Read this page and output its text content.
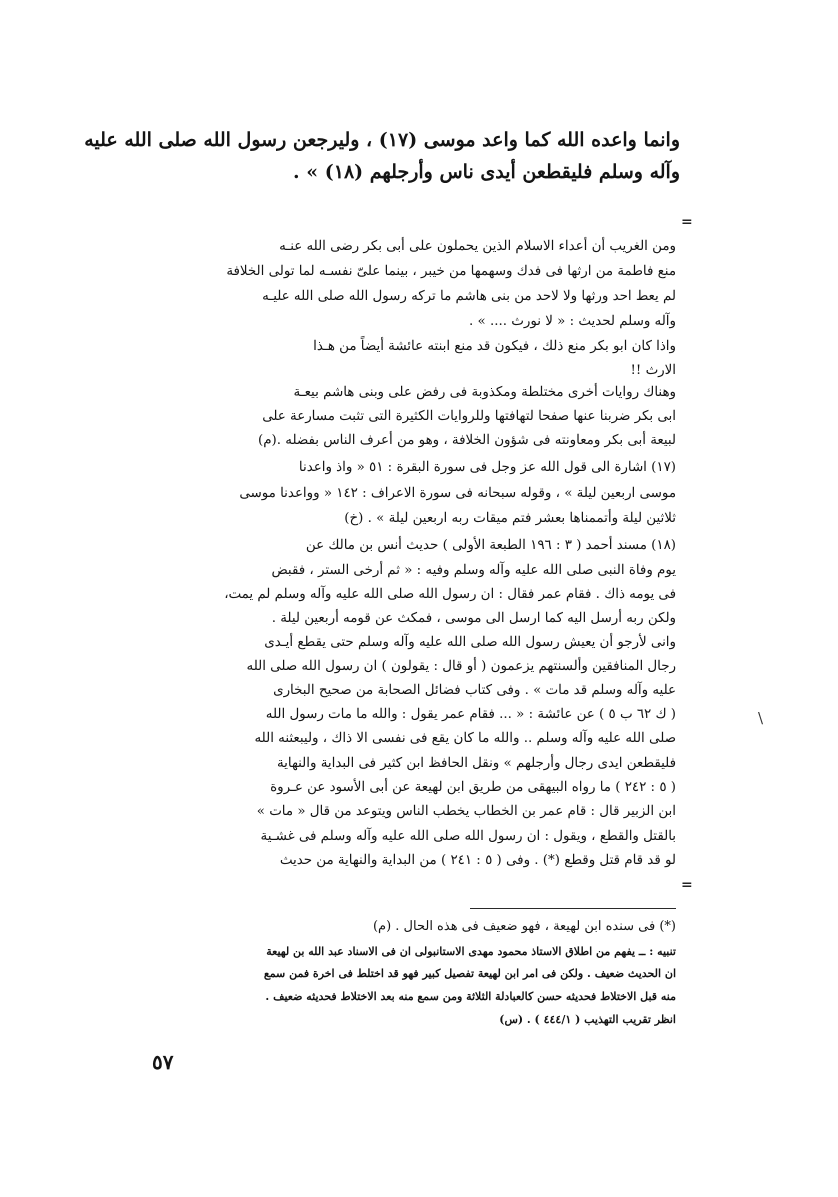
وانما واعده الله كما واعد موسى (١٧) ، وليرجعن رسول الله صلى الله عليه
وآله وسلم فليقطعن أيدى ناس وأرجلهم (١٨) » .
=
ومن الغريب أن أعداء الاسلام الذين يحملون على أبى بكر رضى الله عنـه
منع فاطمة من ارثها فى فدك وسهمها من خيبر ، بينما علىّ نفسـه لما تولى الخلافة
لم يعط احد ورثها ولا لاحد من بنى هاشم ما تركه رسول الله صلى الله عليـه
وآله وسلم لحديث : « لا نورث .... » .
واذا كان ابو بكر منع ذلك ، فيكون قد منع ابنته عائشة أيضاً من هـذا
الارث !!
وهناك روايات أخرى مختلطة ومكذوبة فى رفض على وبنى هاشم بيعـة
ابى بكر ضربنا عنها صفحا لتهافتها وللروايات الكثيرة التى تثبت مسارعة على
لبيعة أبى بكر ومعاونته فى شؤون الخلافة ، وهو من أعرف الناس بفضله .(م)
(١٧) اشارة الى قول الله عز وجل فى سورة البقرة : ٥١ « واذ واعدنا
موسى اربعين ليلة » ، وقوله سبحانه فى سورة الاعراف : ١٤٢ « وواعدنا موسى
ثلاثين ليلة وأتممناها بعشر فتم ميقات ربه اربعين ليلة » . (خ)
(١٨) مسند أحمد ( ٣ : ١٩٦ الطبعة الأولى ) حديث أنس بن مالك عن
يوم وفاة النبى صلى الله عليه وآله وسلم وفيه : « ثم أرخى الستر ، فقبض
فى يومه ذاك . فقام عمر فقال : ان رسول الله صلى الله عليه وآله وسلم لم يمت،
ولكن ربه أرسل اليه كما ارسل الى موسى ، فمكث عن قومه أربعين ليلة .
وانى لأرجو أن يعيش رسول الله صلى الله عليه وآله وسلم حتى يقطع أيـدى
رجال المنافقين وألسنتهم يزعمون ( أو قال : يقولون ) ان رسول الله صلى الله
عليه وآله وسلم قد مات » . وفى كتاب فضائل الصحابة من صحيح البخارى
( ك ٦٢ ب ٥ ) عن عائشة : « ... فقام عمر يقول : والله ما مات رسول الله
صلى الله عليه وآله وسلم .. والله ما كان يقع فى نفسى الا ذاك ، وليبعثنه الله
فليقطعن ايدى رجال وأرجلهم » ونقل الحافظ ابن كثير فى البداية والنهاية
( ٥ : ٢٤٢ ) ما رواه البيهقى من طريق ابن لهيعة عن أبى الأسود عن عـروة
ابن الزبير قال : قام عمر بن الخطاب يخطب الناس ويتوعد من قال « مات »
بالقتل والقطع ، ويقول : ان رسول الله صلى الله عليه وآله وسلم فى غشـية
لو قد قام قتل وقطع (*) . وفى ( ٥ : ٢٤١ ) من البداية والنهاية من حديث
=
\
(*) فى سنده ابن لهيعة ، فهو ضعيف فى هذه الحال . (م)
تنبيه : ــ يفهم من اطلاق الاستاذ محمود مهدى الاستانبولى ان فى الاسناد عبد الله بن لهيعة
ان الحديث ضعيف . ولكن فى امر ابن لهيعة تفصيل كبير فهو قد اختلط فى اخرة فمن سمع
منه قبل الاختلاط فحديثه حسن كالعبادلة الثلاثة ومن سمع منه بعد الاختلاط فحديثه ضعيف .
انظر تقريب التهذيب ( ٤٤٤/١ ) . (س)
٥٧
